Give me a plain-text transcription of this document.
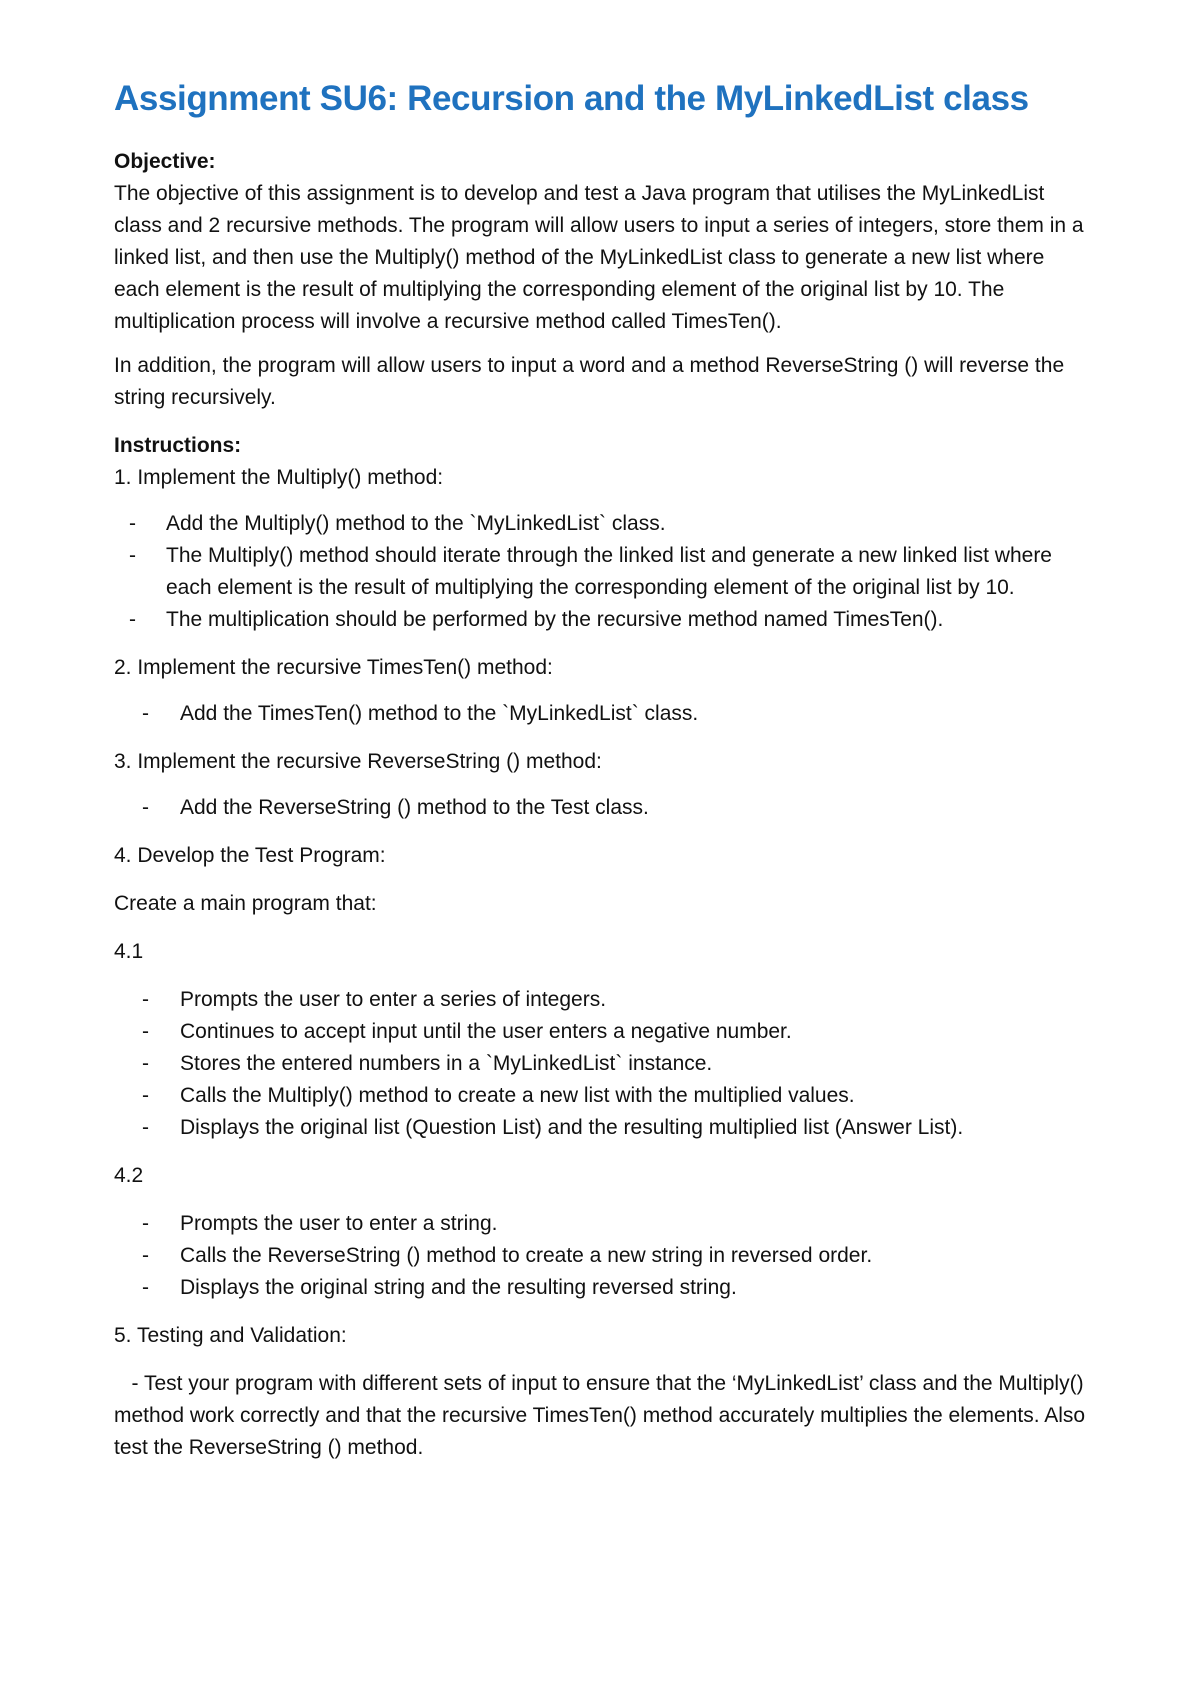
Assignment SU6: Recursion and the MyLinkedList class
Objective:

The objective of this assignment is to develop and test a Java program that utilises the MyLinkedList class and 2 recursive methods. The program will allow users to input a series of integers, store them in a linked list, and then use the Multiply() method of the MyLinkedList class to generate a new list where each element is the result of multiplying the corresponding element of the original list by 10. The multiplication process will involve a recursive method called TimesTen().

In addition, the program will allow users to input a word and a method ReverseString () will reverse the string recursively.

Instructions:
1. Implement the Multiply() method:
- Add the Multiply() method to the `MyLinkedList` class.
- The Multiply() method should iterate through the linked list and generate a new linked list where each element is the result of multiplying the corresponding element of the original list by 10.
- The multiplication should be performed by the recursive method named TimesTen().
2. Implement the recursive TimesTen() method:
- Add the TimesTen() method to the `MyLinkedList` class.
3. Implement the recursive ReverseString () method:
- Add the ReverseString () method to the Test class.
4. Develop the Test Program:
Create a main program that:
4.1
- Prompts the user to enter a series of integers.
- Continues to accept input until the user enters a negative number.
- Stores the entered numbers in a `MyLinkedList` instance.
- Calls the Multiply() method to create a new list with the multiplied values.
- Displays the original list (Question List) and the resulting multiplied list (Answer List).
4.2
- Prompts the user to enter a string.
- Calls the ReverseString () method to create a new string in reversed order.
- Displays the original string and the resulting reversed string.
5. Testing and Validation:

- Test your program with different sets of input to ensure that the ‘MyLinkedList’ class and the Multiply() method work correctly and that the recursive TimesTen() method accurately multiplies the elements. Also test the ReverseString () method.
